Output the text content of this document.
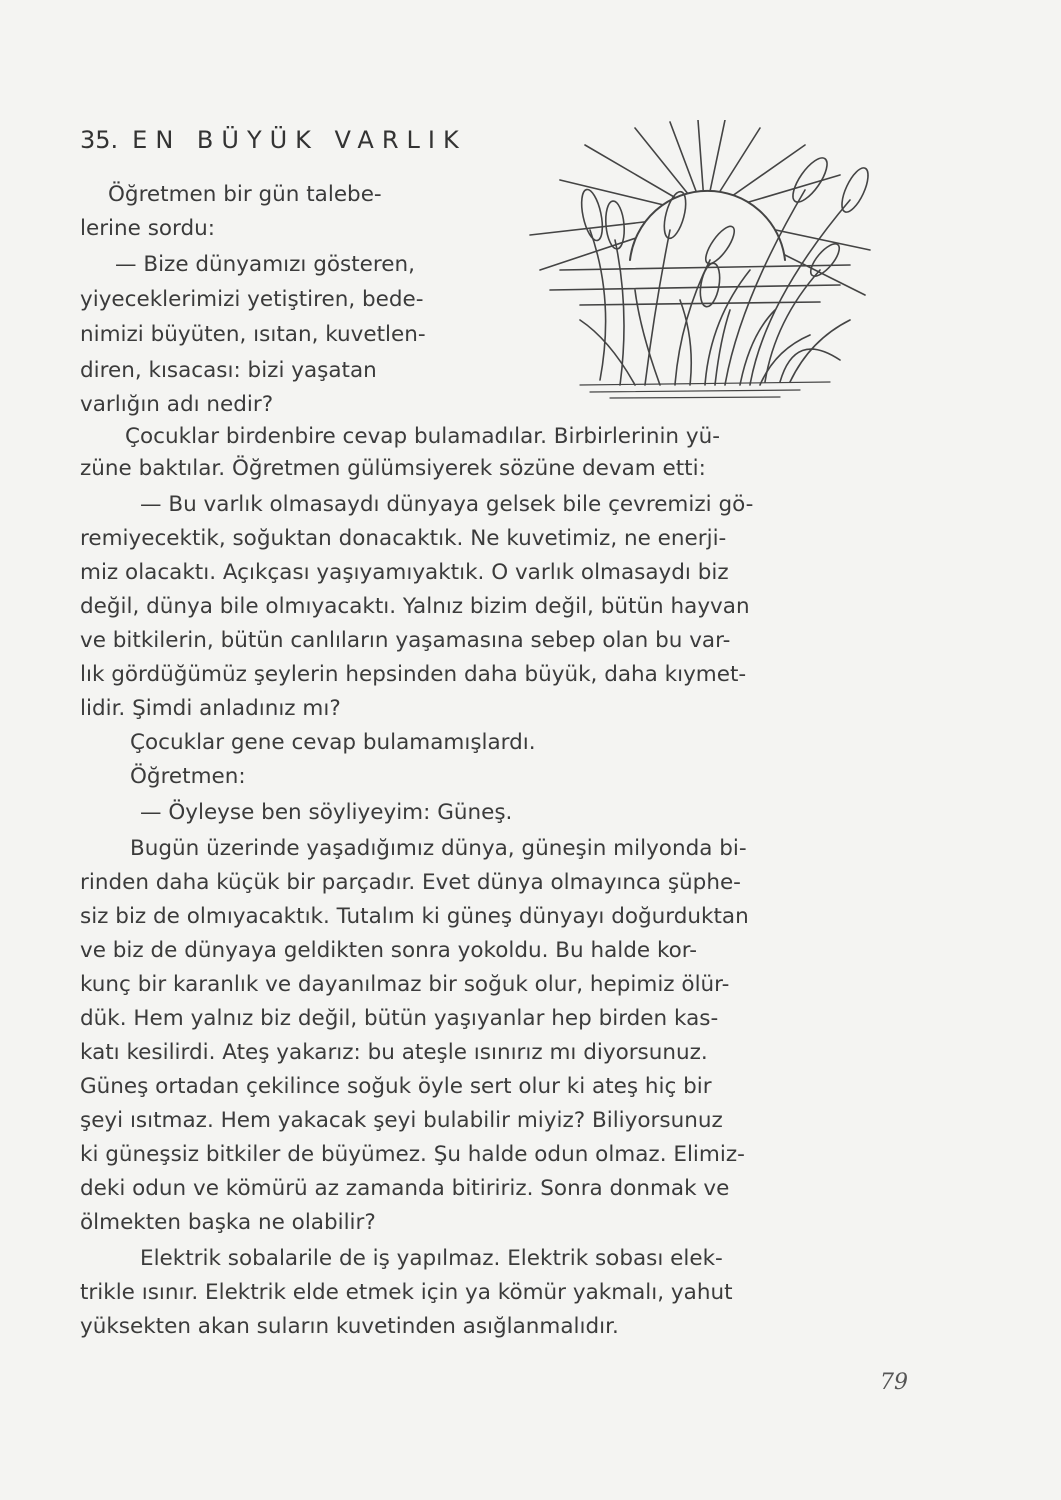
35. EN BÜYÜK VARLIK

Öğretmen bir gün talebe-

lerine sordu:

— Bize dünyamızı gösteren,

yiyeceklerimizi yetiştiren, bede-

nimizi büyüten, ısıtan, kuvetlen-

diren, kısacası: bizi yaşatan

varlığın adı nedir?

Çocuklar birdenbire cevap bulamadılar. Birbirlerinin yü-

züne baktılar. Öğretmen gülümsiyerek sözüne devam etti:

— Bu varlık olmasaydı dünyaya gelsek bile çevremizi gö-

remiyecektik, soğuktan donacaktık. Ne kuvetimiz, ne enerji-

miz olacaktı. Açıkçası yaşıyamıyaktık. O varlık olmasaydı biz

değil, dünya bile olmıyacaktı. Yalnız bizim değil, bütün hayvan

ve bitkilerin, bütün canlıların yaşamasına sebep olan bu var-

lık gördüğümüz şeylerin hepsinden daha büyük, daha kıymet-

lidir. Şimdi anladınız mı?

Çocuklar gene cevap bulamamışlardı.

Öğretmen:

— Öyleyse ben söyliyeyim: Güneş.

Bugün üzerinde yaşadığımız dünya, güneşin milyonda bi-

rinden daha küçük bir parçadır. Evet dünya olmayınca şüphe-

siz biz de olmıyacaktık. Tutalım ki güneş dünyayı doğurduktan

ve biz de dünyaya geldikten sonra yokoldu. Bu halde kor-

kunç bir karanlık ve dayanılmaz bir soğuk olur, hepimiz ölür-

dük. Hem yalnız biz değil, bütün yaşıyanlar hep birden kas-

katı kesilirdi. Ateş yakarız: bu ateşle ısınırız mı diyorsunuz.

Güneş ortadan çekilince soğuk öyle sert olur ki ateş hiç bir

şeyi ısıtmaz. Hem yakacak şeyi bulabilir miyiz? Biliyorsunuz

ki güneşsiz bitkiler de büyümez. Şu halde odun olmaz. Elimiz-

deki odun ve kömürü az zamanda bitiririz. Sonra donmak ve

ölmekten başka ne olabilir?

Elektrik sobalarile de iş yapılmaz. Elektrik sobası elek-

trikle ısınır. Elektrik elde etmek için ya kömür yakmalı, yahut

yüksekten akan suların kuvetinden asığlanmalıdır.

79
